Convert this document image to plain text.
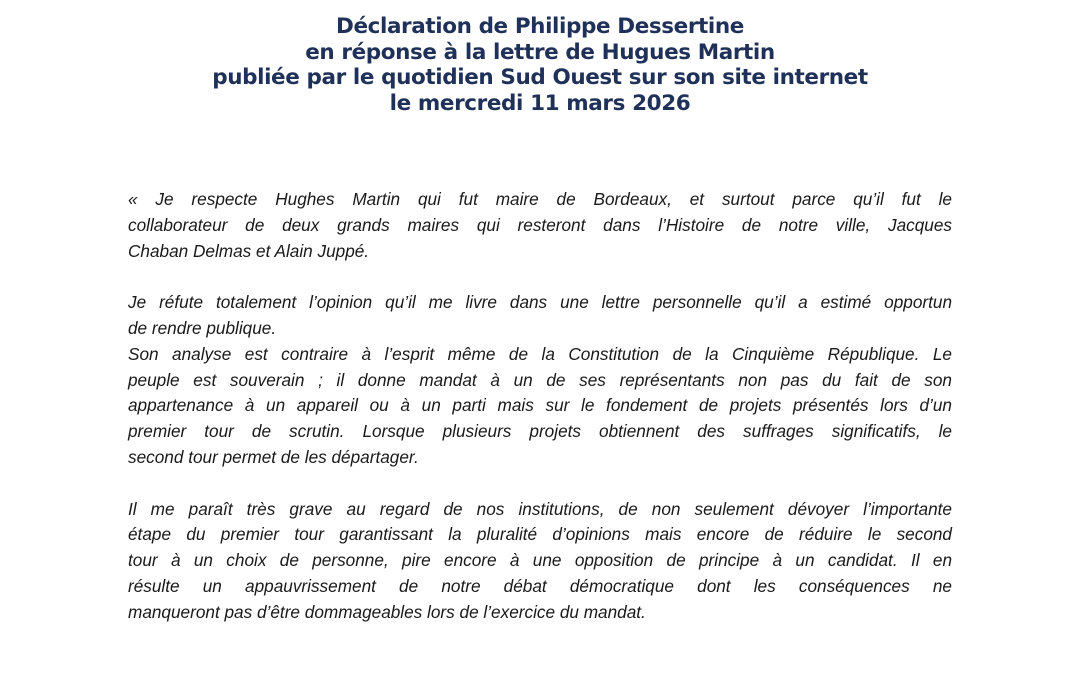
Déclaration de Philippe Dessertine
en réponse à la lettre de Hugues Martin
publiée par le quotidien Sud Ouest sur son site internet
le mercredi 11 mars 2026
« Je respecte Hughes Martin qui fut maire de Bordeaux, et surtout parce qu’il fut le
collaborateur de deux grands maires qui resteront dans l’Histoire de notre ville, Jacques
Chaban Delmas et Alain Juppé.
Je réfute totalement l’opinion qu’il me livre dans une lettre personnelle qu’il a estimé opportun
de rendre publique.
Son analyse est contraire à l’esprit même de la Constitution de la Cinquième République. Le
peuple est souverain ; il donne mandat à un de ses représentants non pas du fait de son
appartenance à un appareil ou à un parti mais sur le fondement de projets présentés lors d’un
premier tour de scrutin. Lorsque plusieurs projets obtiennent des suffrages significatifs, le
second tour permet de les départager.
Il me paraît très grave au regard de nos institutions, de non seulement dévoyer l’importante
étape du premier tour garantissant la pluralité d’opinions mais encore de réduire le second
tour à un choix de personne, pire encore à une opposition de principe à un candidat. Il en
résulte un appauvrissement de notre débat démocratique dont les conséquences ne
manqueront pas d’être dommageables lors de l’exercice du mandat.
